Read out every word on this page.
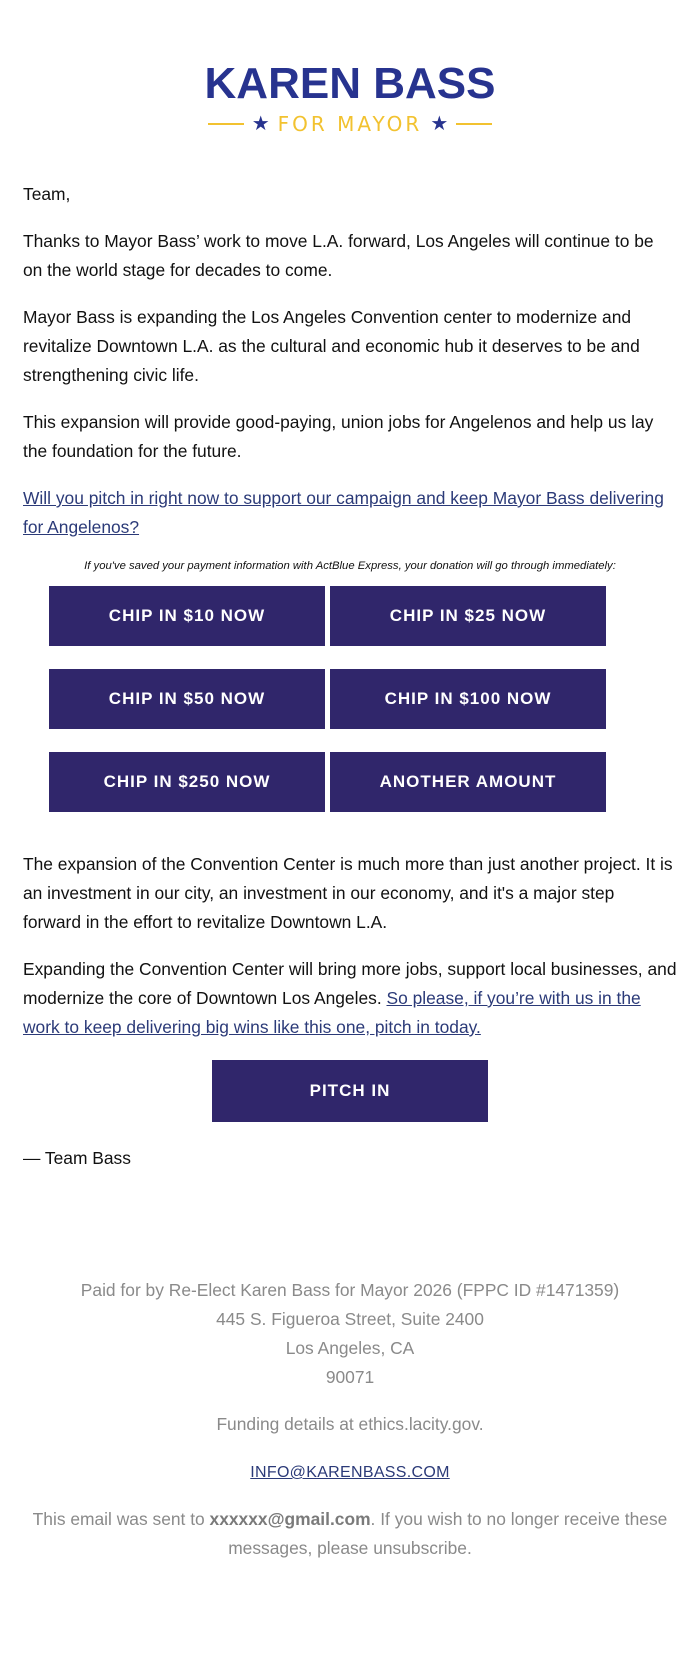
KAREN BASS
★ FOR MAYOR ★

Team,

Thanks to Mayor Bass’ work to move L.A. forward, Los Angeles will continue to be on the world stage for decades to come.

Mayor Bass is expanding the Los Angeles Convention center to modernize and revitalize Downtown L.A. as the cultural and economic hub it deserves to be and strengthening civic life.

This expansion will provide good-paying, union jobs for Angelenos and help us lay the foundation for the future.

Will you pitch in right now to support our campaign and keep Mayor Bass delivering for Angelenos?

If you've saved your payment information with ActBlue Express, your donation will go through immediately:

CHIP IN $10 NOW	CHIP IN $25 NOW
CHIP IN $50 NOW	CHIP IN $100 NOW
CHIP IN $250 NOW	ANOTHER AMOUNT

The expansion of the Convention Center is much more than just another project. It is an investment in our city, an investment in our economy, and it's a major step forward in the effort to revitalize Downtown L.A.

Expanding the Convention Center will bring more jobs, support local businesses, and modernize the core of Downtown Los Angeles. So please, if you’re with us in the work to keep delivering big wins like this one, pitch in today.

PITCH IN

— Team Bass

Paid for by Re-Elect Karen Bass for Mayor 2026 (FPPC ID #1471359)
445 S. Figueroa Street, Suite 2400
Los Angeles, CA
90071
Funding details at ethics.lacity.gov.
INFO@KARENBASS.COM
This email was sent to xxxxxx@gmail.com. If you wish to no longer receive these messages, please unsubscribe.
